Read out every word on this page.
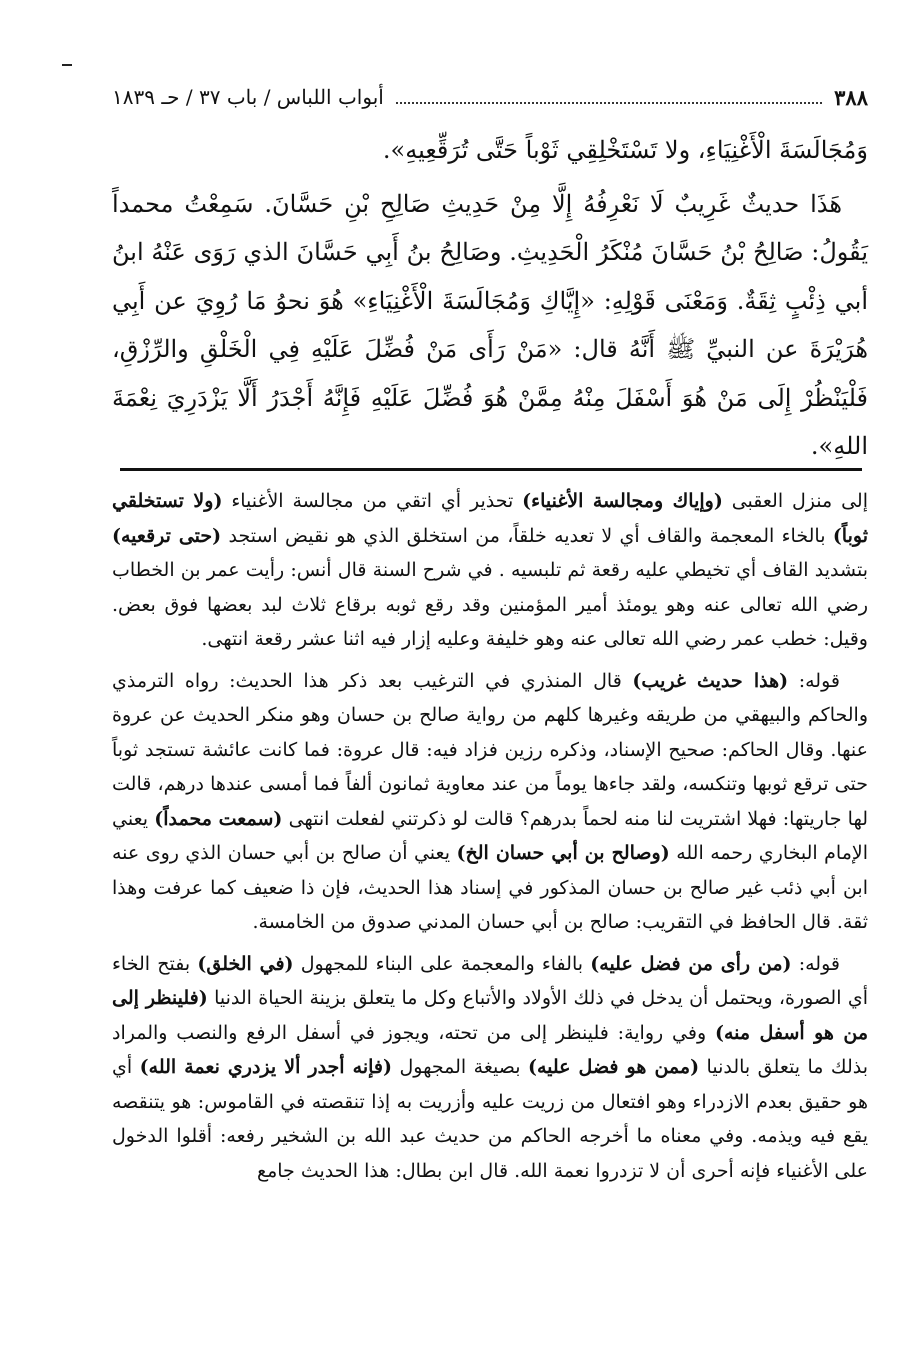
٣٨٨
أبواب اللباس / باب ٣٧ / حـ ١٨٣٩

وَمُجَالَسَةَ الْأَغْنِيَاءِ، ولا تَسْتَخْلِقِي ثَوْباً حَتَّى تُرَقِّعِيهِ».

هَذَا حديثٌ غَرِيبٌ لَا نَعْرِفُهُ إِلَّا مِنْ حَدِيثِ صَالِحِ بْنِ حَسَّانَ. سَمِعْتُ محمداً يَقُولُ: صَالِحُ بْنُ حَسَّانَ مُنْكَرُ الْحَدِيثِ. وصَالِحُ بنُ أَبِي حَسَّانَ الذي رَوَى عَنْهُ ابنُ أبي ذِئْبٍ ثِقَةٌ. وَمَعْنَى قَوْلِهِ: «إِيَّاكِ وَمُجَالَسَةَ الْأَغْنِيَاءِ» هُوَ نحوُ مَا رُوِيَ عن أَبِي هُرَيْرَةَ عن النبيِّ ﷺ أَنَّهُ قال: «مَنْ رَأَى مَنْ فُضِّلَ عَلَيْهِ فِي الْخَلْقِ والرِّزْقِ، فَلْيَنْظُرْ إِلَى مَنْ هُوَ أَسْفَلَ مِنْهُ مِمَّنْ هُوَ فُضِّلَ عَلَيْهِ فَإِنَّهُ أَجْدَرُ أَلَّا يَزْدَرِيَ نِعْمَةَ اللهِ».

إلى منزل العقبى (وإياك ومجالسة الأغنياء) تحذير أي اتقي من مجالسة الأغنياء (ولا تستخلقي ثوباً) بالخاء المعجمة والقاف أي لا تعديه خلقاً، من استخلق الذي هو نقيض استجد (حتى ترقعيه) بتشديد القاف أي تخيطي عليه رقعة ثم تلبسيه . في شرح السنة قال أنس: رأيت عمر بن الخطاب رضي الله تعالى عنه وهو يومئذ أمير المؤمنين وقد رقع ثوبه برقاع ثلاث لبد بعضها فوق بعض. وقيل: خطب عمر رضي الله تعالى عنه وهو خليفة وعليه إزار فيه اثنا عشر رقعة انتهى.

قوله: (هذا حديث غريب) قال المنذري في الترغيب بعد ذكر هذا الحديث: رواه الترمذي والحاكم والبيهقي من طريقه وغيرها كلهم من رواية صالح بن حسان وهو منكر الحديث عن عروة عنها. وقال الحاكم: صحيح الإسناد، وذكره رزين فزاد فيه: قال عروة: فما كانت عائشة تستجد ثوباً حتى ترقع ثوبها وتنكسه، ولقد جاءها يوماً من عند معاوية ثمانون ألفاً فما أمسى عندها درهم، قالت لها جاريتها: فهلا اشتريت لنا منه لحماً بدرهم؟ قالت لو ذكرتني لفعلت انتهى (سمعت محمداً) يعني الإمام البخاري رحمه الله (وصالح بن أبي حسان الخ) يعني أن صالح بن أبي حسان الذي روى عنه ابن أبي ذئب غير صالح بن حسان المذكور في إسناد هذا الحديث، فإن ذا ضعيف كما عرفت وهذا ثقة. قال الحافظ في التقريب: صالح بن أبي حسان المدني صدوق من الخامسة.

قوله: (من رأى من فضل عليه) بالفاء والمعجمة على البناء للمجهول (في الخلق) بفتح الخاء أي الصورة، ويحتمل أن يدخل في ذلك الأولاد والأتباع وكل ما يتعلق بزينة الحياة الدنيا (فلينظر إلى من هو أسفل منه) وفي رواية: فلينظر إلى من تحته، ويجوز في أسفل الرفع والنصب والمراد بذلك ما يتعلق بالدنيا (ممن هو فضل عليه) بصيغة المجهول (فإنه أجدر ألا يزدري نعمة الله) أي هو حقيق بعدم الازدراء وهو افتعال من زريت عليه وأزريت به إذا تنقصته في القاموس: هو يتنقصه يقع فيه ويذمه. وفي معناه ما أخرجه الحاكم من حديث عبد الله بن الشخير رفعه: أقلوا الدخول على الأغنياء فإنه أحرى أن لا تزدروا نعمة الله. قال ابن بطال: هذا الحديث جامع
